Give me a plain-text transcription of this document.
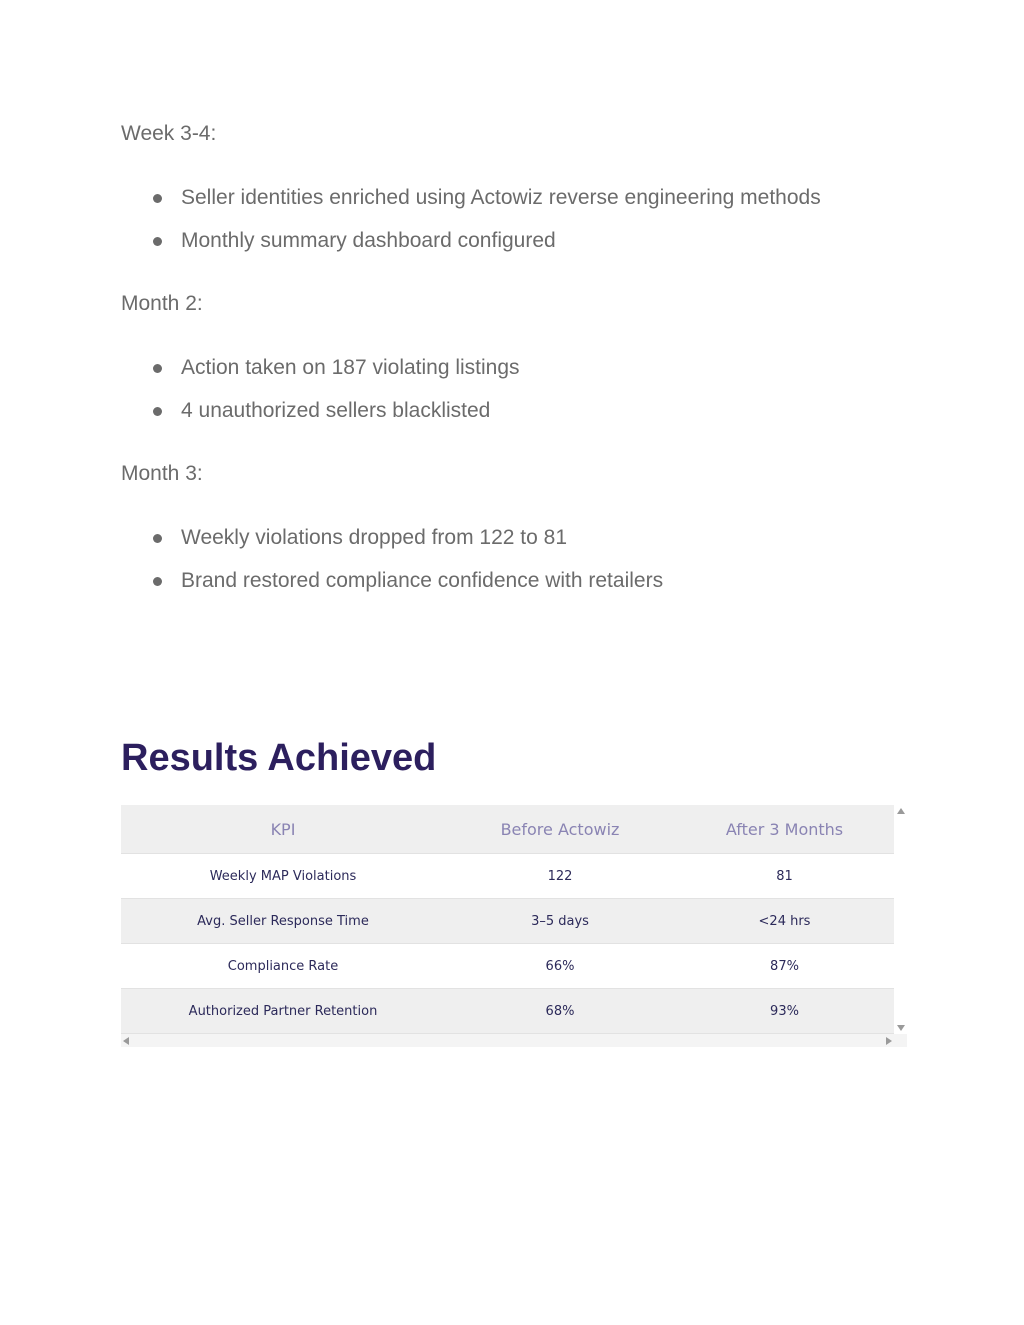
Week 3-4:

Seller identities enriched using Actowiz reverse engineering methods
Monthly summary dashboard configured

Month 2:

Action taken on 187 violating listings
4 unauthorized sellers blacklisted

Month 3:

Weekly violations dropped from 122 to 81
Brand restored compliance confidence with retailers
Results Achieved
KPI	Before Actowiz	After 3 Months
Weekly MAP Violations	122	81
Avg. Seller Response Time	3–5 days	<24 hrs
Compliance Rate	66%	87%
Authorized Partner Retention	68%	93%
